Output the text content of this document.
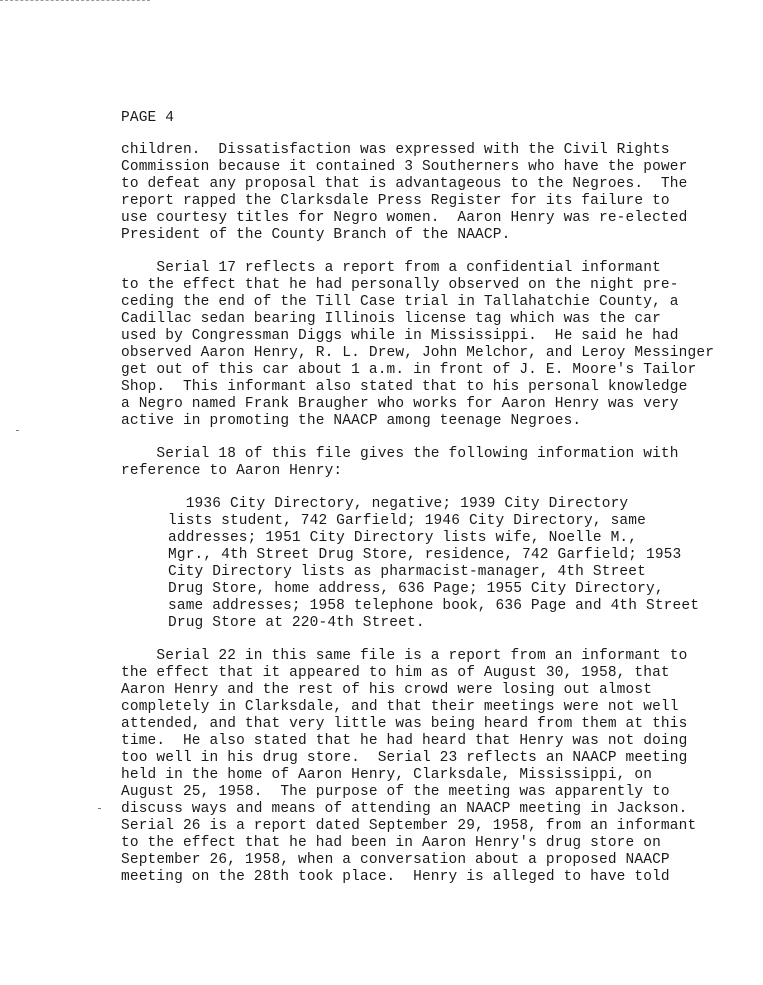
PAGE 4
children.  Dissatisfaction was expressed with the Civil Rights
Commission because it contained 3 Southerners who have the power
to defeat any proposal that is advantageous to the Negroes.  The
report rapped the Clarksdale Press Register for its failure to
use courtesy titles for Negro women.  Aaron Henry was re-elected
President of the County Branch of the NAACP.
Serial 17 reflects a report from a confidential informant
to the effect that he had personally observed on the night pre-
ceding the end of the Till Case trial in Tallahatchie County, a
Cadillac sedan bearing Illinois license tag which was the car
used by Congressman Diggs while in Mississippi.  He said he had
observed Aaron Henry, R. L. Drew, John Melchor, and Leroy Messinger
get out of this car about 1 a.m. in front of J. E. Moore's Tailor
Shop.  This informant also stated that to his personal knowledge
a Negro named Frank Braugher who works for Aaron Henry was very
active in promoting the NAACP among teenage Negroes.
Serial 18 of this file gives the following information with
reference to Aaron Henry:
1936 City Directory, negative; 1939 City Directory
lists student, 742 Garfield; 1946 City Directory, same
addresses; 1951 City Directory lists wife, Noelle M.,
Mgr., 4th Street Drug Store, residence, 742 Garfield; 1953
City Directory lists as pharmacist-manager, 4th Street
Drug Store, home address, 636 Page; 1955 City Directory,
same addresses; 1958 telephone book, 636 Page and 4th Street
Drug Store at 220-4th Street.
Serial 22 in this same file is a report from an informant to
the effect that it appeared to him as of August 30, 1958, that
Aaron Henry and the rest of his crowd were losing out almost
completely in Clarksdale, and that their meetings were not well
attended, and that very little was being heard from them at this
time.  He also stated that he had heard that Henry was not doing
too well in his drug store.  Serial 23 reflects an NAACP meeting
held in the home of Aaron Henry, Clarksdale, Mississippi, on
August 25, 1958.  The purpose of the meeting was apparently to
discuss ways and means of attending an NAACP meeting in Jackson.
Serial 26 is a report dated September 29, 1958, from an informant
to the effect that he had been in Aaron Henry's drug store on
September 26, 1958, when a conversation about a proposed NAACP
meeting on the 28th took place.  Henry is alleged to have told
